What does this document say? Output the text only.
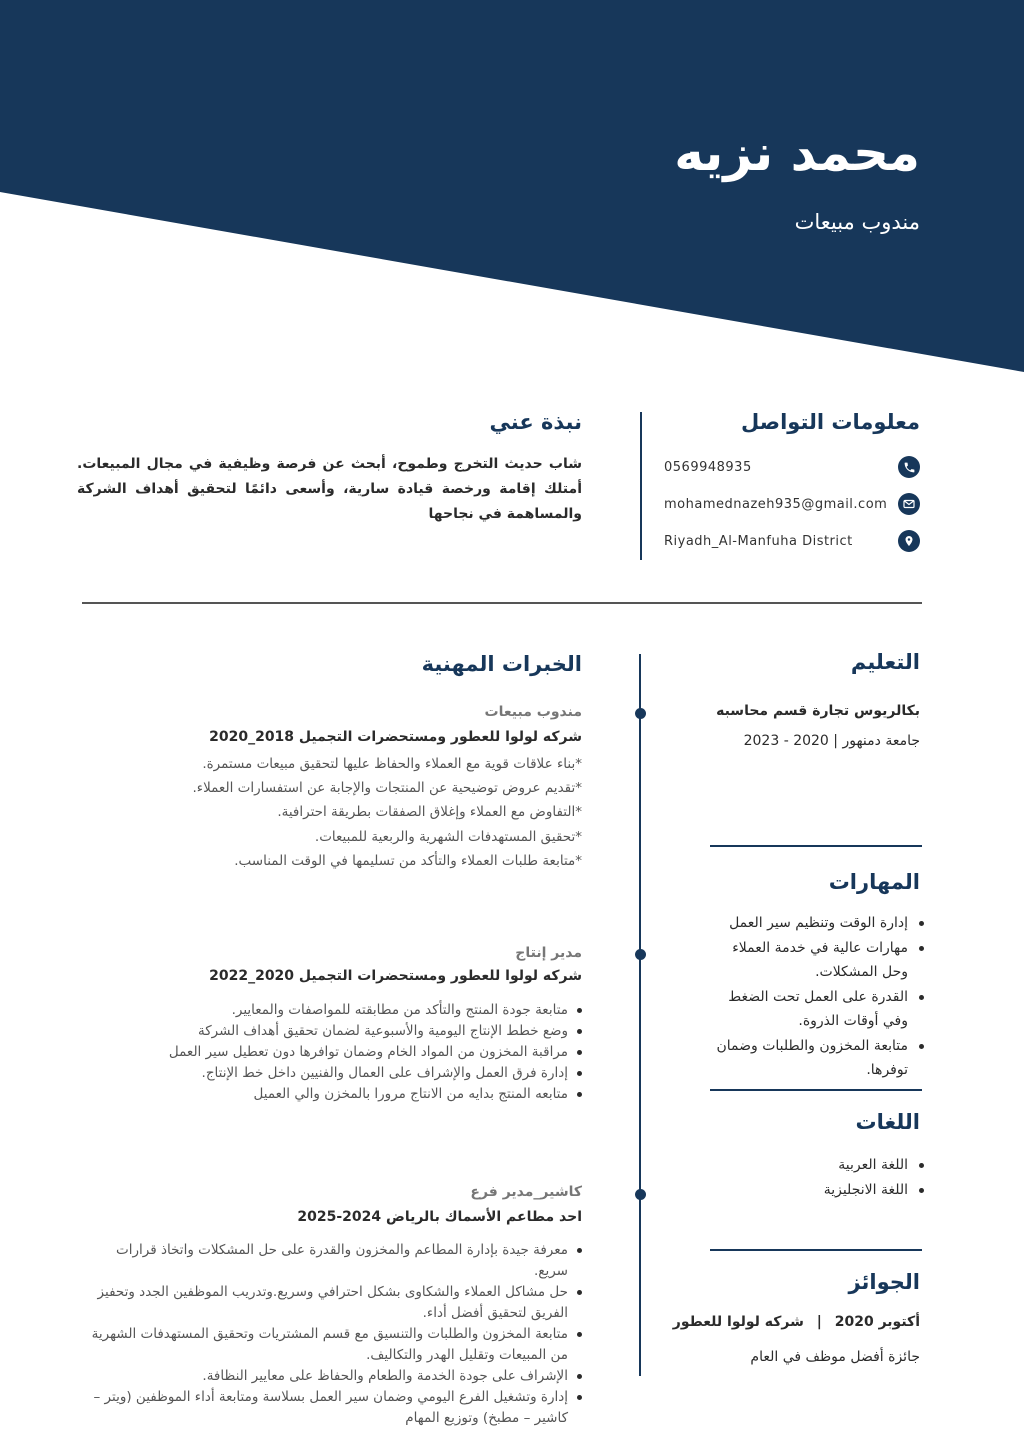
محمد نزيه
مندوب مبيعات
معلومات التواصل
0569948935
mohamednazeh935@gmail.com
Riyadh_Al-Manfuha District
نبذة عني
شاب حديث التخرج وطموح، أبحث عن فرصة وظيفية في مجال المبيعات. أمتلك إقامة ورخصة قيادة سارية، وأسعى دائمًا لتحقيق أهداف الشركة والمساهمة في نجاحها
التعليم
بكالريوس تجارة قسم محاسبه
جامعة دمنهور | 2020 - 2023
المهارات
إدارة الوقت وتنظيم سير العمل
مهارات عالية في خدمة العملاء وحل المشكلات.
القدرة على العمل تحت الضغط وفي أوقات الذروة.
متابعة المخزون والطلبات وضمان توفرها.
اللغات
اللغة العربية
اللغة الانجليزية
الجوائز
أكتوبر 2020 | شركه لولوا للعطور
جائزة أفضل موظف في العام
الخبرات المهنية
مندوب مبيعات
شركه لولوا للعطور ومستحضرات التجميل 2018_2020
*بناء علاقات قوية مع العملاء والحفاظ عليها لتحقيق مبيعات مستمرة.
*تقديم عروض توضيحية عن المنتجات والإجابة عن استفسارات العملاء.
*التفاوض مع العملاء وإغلاق الصفقات بطريقة احترافية.
*تحقيق المستهدفات الشهرية والربعية للمبيعات.
*متابعة طلبات العملاء والتأكد من تسليمها في الوقت المناسب.
مدير إنتاج
شركه لولوا للعطور ومستحضرات التجميل 2020_2022
متابعة جودة المنتج والتأكد من مطابقته للمواصفات والمعايير.
وضع خطط الإنتاج اليومية والأسبوعية لضمان تحقيق أهداف الشركة
مراقبة المخزون من المواد الخام وضمان توافرها دون تعطيل سير العمل
إدارة فرق العمل والإشراف على العمال والفنيين داخل خط الإنتاج.
متابعه المنتج بدايه من الانتاج مرورا بالمخزن والي العميل
كاشير_مدير فرع
احد مطاعم الأسماك بالرياض 2024-2025
معرفة جيدة بإدارة المطاعم والمخزون والقدرة على حل المشكلات واتخاذ قرارات سريع.
حل مشاكل العملاء والشكاوى بشكل احترافي وسريع.وتدريب الموظفين الجدد وتحفيز الفريق لتحقيق أفضل أداء.
متابعة المخزون والطلبات والتنسيق مع قسم المشتريات وتحقيق المستهدفات الشهرية من المبيعات وتقليل الهدر والتكاليف.
الإشراف على جودة الخدمة والطعام والحفاظ على معايير النظافة.
إدارة وتشغيل الفرع اليومي وضمان سير العمل بسلاسة ومتابعة أداء الموظفين (ويتر – كاشير – مطبخ) وتوزيع المهام
